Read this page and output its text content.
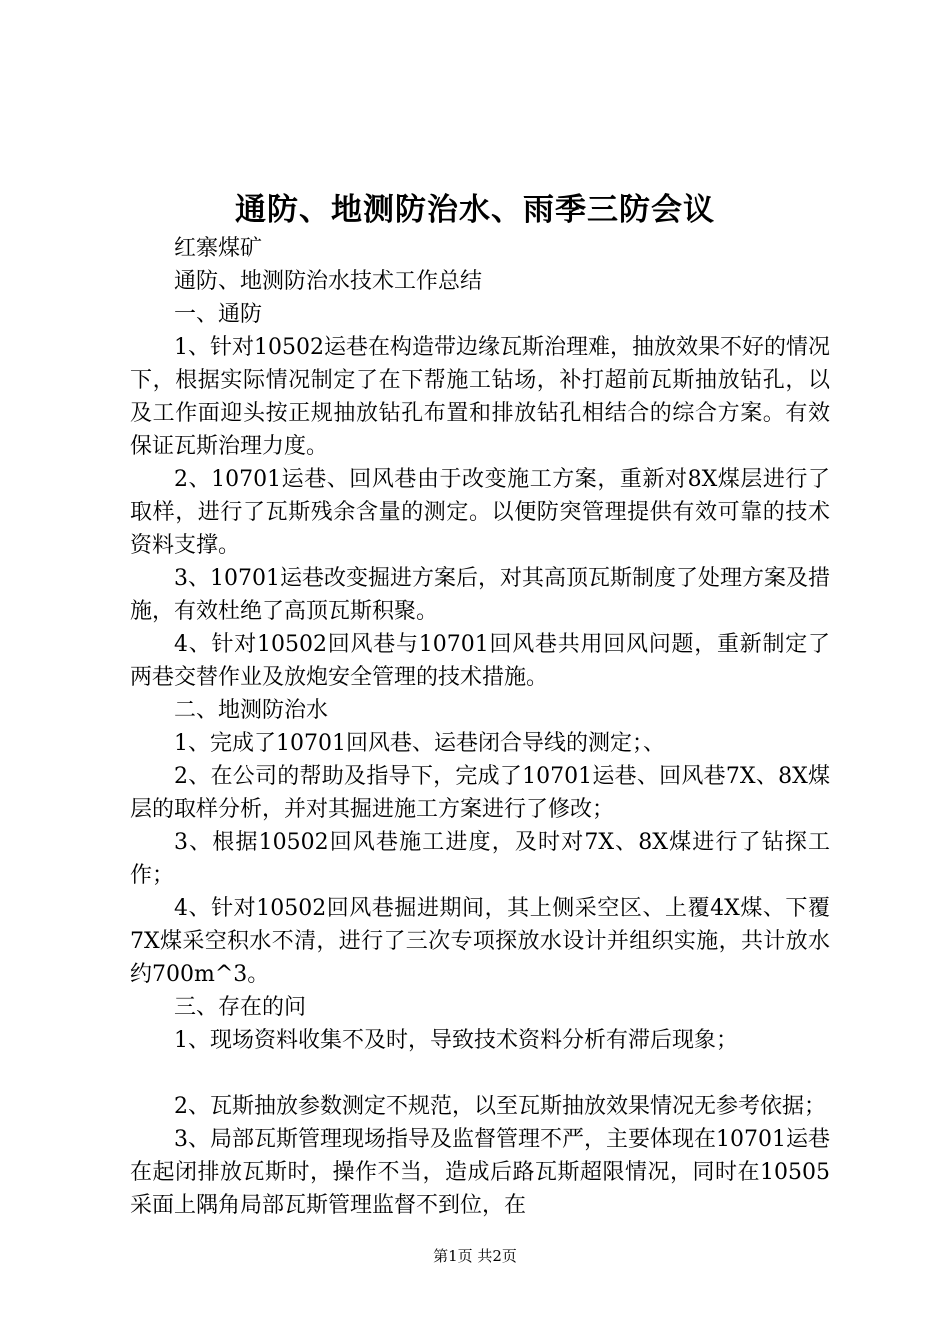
通防、地测防治水、雨季三防会议

红寨煤矿

通防、地测防治水技术工作总结

一、通防

1、针对10502运巷在构造带边缘瓦斯治理难，抽放效果不好的情况下，根据实际情况制定了在下帮施工钻场，补打超前瓦斯抽放钻孔，以及工作面迎头按正规抽放钻孔布置和排放钻孔相结合的综合方案。有效保证瓦斯治理力度。

2、10701运巷、回风巷由于改变施工方案，重新对8X煤层进行了取样，进行了瓦斯残余含量的测定。以便防突管理提供有效可靠的技术资料支撑。

3、10701运巷改变掘进方案后，对其高顶瓦斯制度了处理方案及措施，有效杜绝了高顶瓦斯积聚。

4、针对10502回风巷与10701回风巷共用回风问题，重新制定了两巷交替作业及放炮安全管理的技术措施。

二、地测防治水

1、完成了10701回风巷、运巷闭合导线的测定；、

2、在公司的帮助及指导下，完成了10701运巷、回风巷7X、8X煤层的取样分析，并对其掘进施工方案进行了修改；

3、根据10502回风巷施工进度，及时对7X、8X煤进行了钻探工作；

4、针对10502回风巷掘进期间，其上侧采空区、上覆4X煤、下覆7X煤采空积水不清，进行了三次专项探放水设计并组织实施，共计放水约700m^3。

三、存在的问

1、现场资料收集不及时，导致技术资料分析有滞后现象；

2、瓦斯抽放参数测定不规范，以至瓦斯抽放效果情况无参考依据；

3、局部瓦斯管理现场指导及监督管理不严，主要体现在10701运巷在起闭排放瓦斯时，操作不当，造成后路瓦斯超限情况，同时在10505采面上隅角局部瓦斯管理监督不到位，在

第1页 共2页
